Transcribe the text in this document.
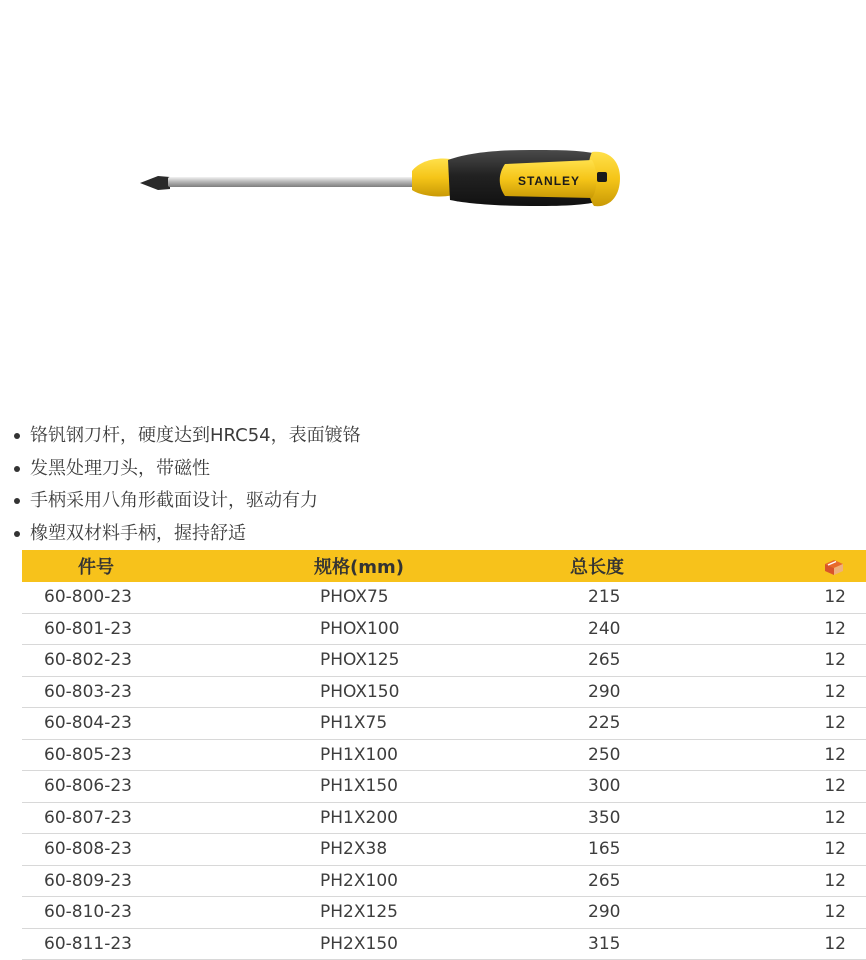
STANLEY
铬钒钢刀杆，硬度达到HRC54，表面镀铬
发黑处理刀头，带磁性
手柄采用八角形截面设计，驱动有力
橡塑双材料手柄，握持舒适
件号	规格(mm)	总长度	
60-800-23	PHOX75	215	12
60-801-23	PHOX100	240	12
60-802-23	PHOX125	265	12
60-803-23	PHOX150	290	12
60-804-23	PH1X75	225	12
60-805-23	PH1X100	250	12
60-806-23	PH1X150	300	12
60-807-23	PH1X200	350	12
60-808-23	PH2X38	165	12
60-809-23	PH2X100	265	12
60-810-23	PH2X125	290	12
60-811-23	PH2X150	315	12
